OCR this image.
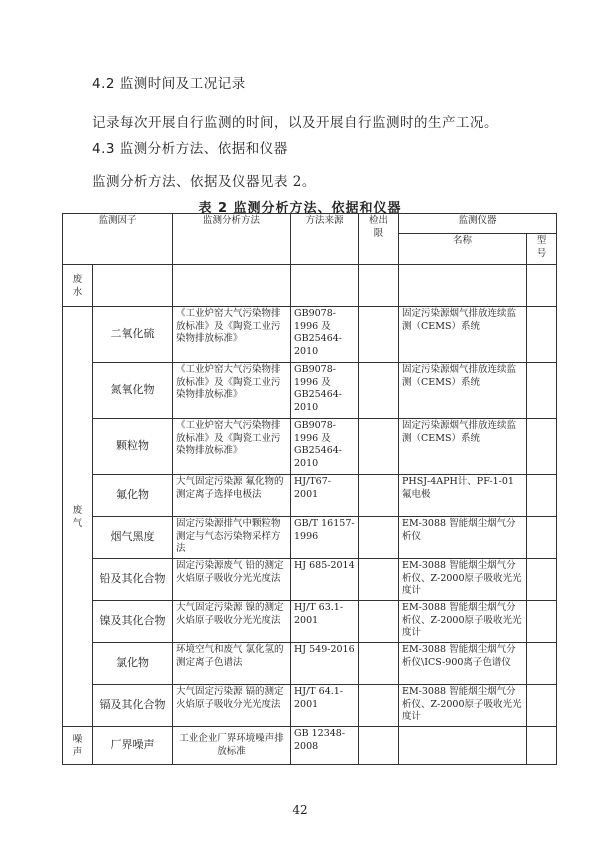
4.2 监测时间及工况记录
记录每次开展自行监测的时间，以及开展自行监测时的生产工况。
4.3 监测分析方法、依据和仪器
监测分析方法、依据及仪器见表 2。
表 2 监测分析方法、依据和仪器
监测因子		监测分析方法	方法来源	检出限	监测仪器	
					名称	型号

废水						

废气	二氧化硫	《工业炉窑大气污染物排放标准》及《陶瓷工业污染物排放标准》	GB9078-1996 及 GB25464-2010		固定污染源烟气排放连续监测（CEMS）系统	
	氮氧化物	《工业炉窑大气污染物排放标准》及《陶瓷工业污染物排放标准》	GB9078-1996 及 GB25464-2010		固定污染源烟气排放连续监测（CEMS）系统	
	颗粒物	《工业炉窑大气污染物排放标准》及《陶瓷工业污染物排放标准》	GB9078-1996 及 GB25464-2010		固定污染源烟气排放连续监测（CEMS）系统	
	氟化物	大气固定污染源 氟化物的测定离子选择电极法	HJ/T67-2001		PHSJ-4APH计、PF-1-01氟电极	
	烟气黑度	固定污染源排气中颗粒物测定与气态污染物采样方法	GB/T 16157-1996		EM-3088 智能烟尘烟气分析仪	
	铅及其化合物	固定污染源废气 铅的测定火焰原子吸收分光光度法	HJ 685-2014		EM-3088 智能烟尘烟气分析仪、Z-2000原子吸收光光度计	
	镍及其化合物	大气固定污染源 镍的测定火焰原子吸收分光光度法	HJ/T 63.1-2001		EM-3088 智能烟尘烟气分析仪、Z-2000原子吸收光光度计	
	氯化物	环境空气和废气 氯化氢的测定离子色谱法	HJ 549-2016		EM-3088 智能烟尘烟气分析仪\ICS-900离子色谱仪	
	镉及其化合物	大气固定污染源 镉的测定火焰原子吸收分光光度法	HJ/T 64.1-2001		EM-3088 智能烟尘烟气分析仪、Z-2000原子吸收光光度计	

噪声	厂界噪声	工业企业厂界环境噪声排放标准	GB 12348-2008			
42
